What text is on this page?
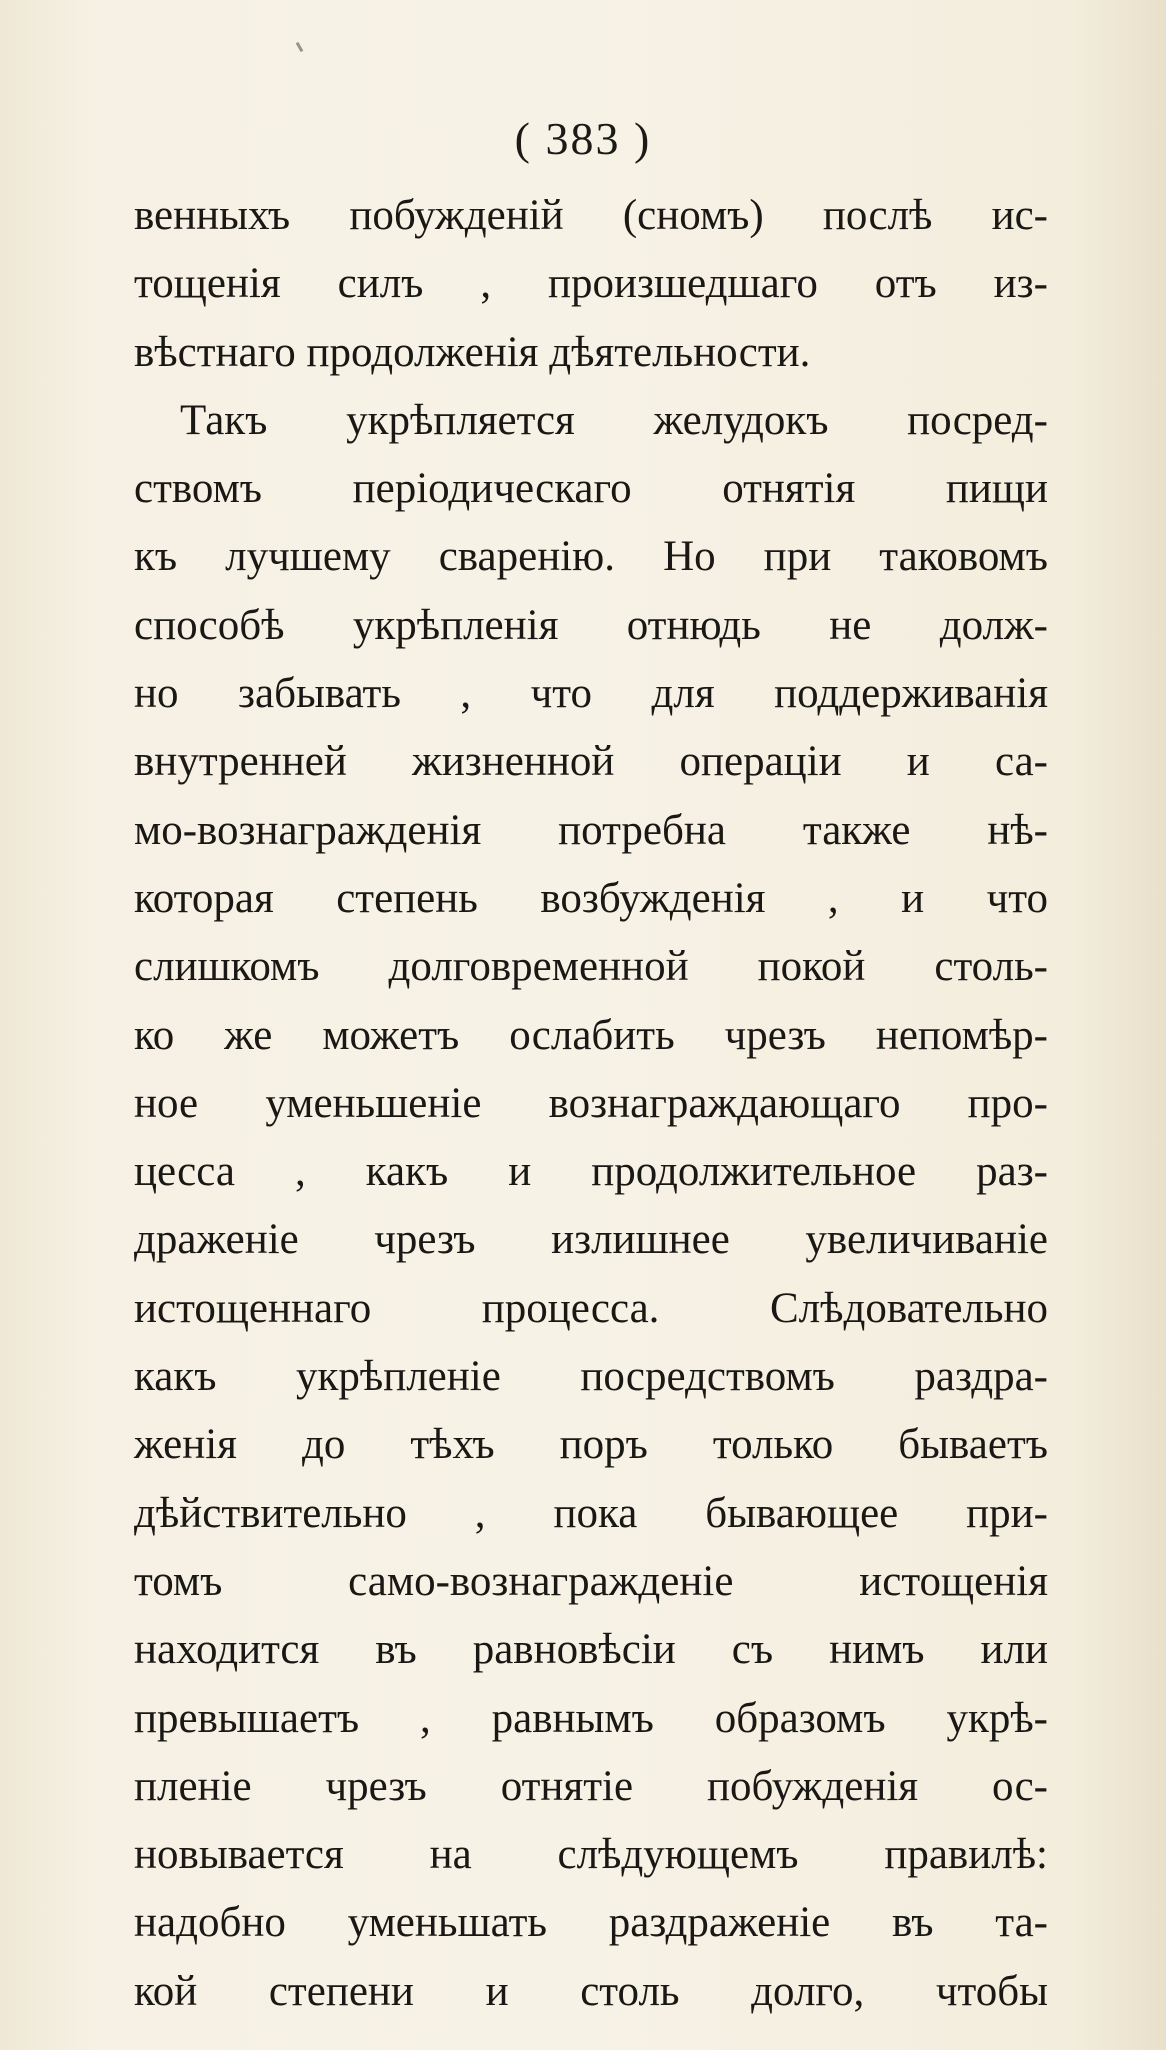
( 383 )
венныхъ побужденій (сномъ) послѣ ис-
тощенія силъ , произшедшаго отъ из-
вѣстнаго продолженія дѣятельности.
Такъ укрѣпляется желудокъ посред-
ствомъ періодическаго отнятія пищи
къ лучшему сваренію. Но при таковомъ
способѣ укрѣпленія отнюдь не долж-
но забывать , что для поддерживанія
внутренней жизненной операціи и са-
мо-вознагражденія потребна также нѣ-
которая степень возбужденія , и что
слишкомъ долговременной покой столь-
ко же можетъ ослабить чрезъ непомѣр-
ное уменьшеніе вознаграждающаго про-
цесса , какъ и продолжительное раз-
драженіе чрезъ излишнее увеличиваніе
истощеннаго процесса. Слѣдовательно
какъ укрѣпленіе посредствомъ раздра-
женія до тѣхъ поръ только бываетъ
дѣйствительно , пока бывающее при-
томъ само-вознагражденіе истощенія
находится въ равновѣсіи съ нимъ или
превышаетъ , равнымъ образомъ укрѣ-
пленіе чрезъ отнятіе побужденія ос-
новывается на слѣдующемъ правилѣ:
надобно уменьшать раздраженіе въ та-
кой степени и столь долго, чтобы
